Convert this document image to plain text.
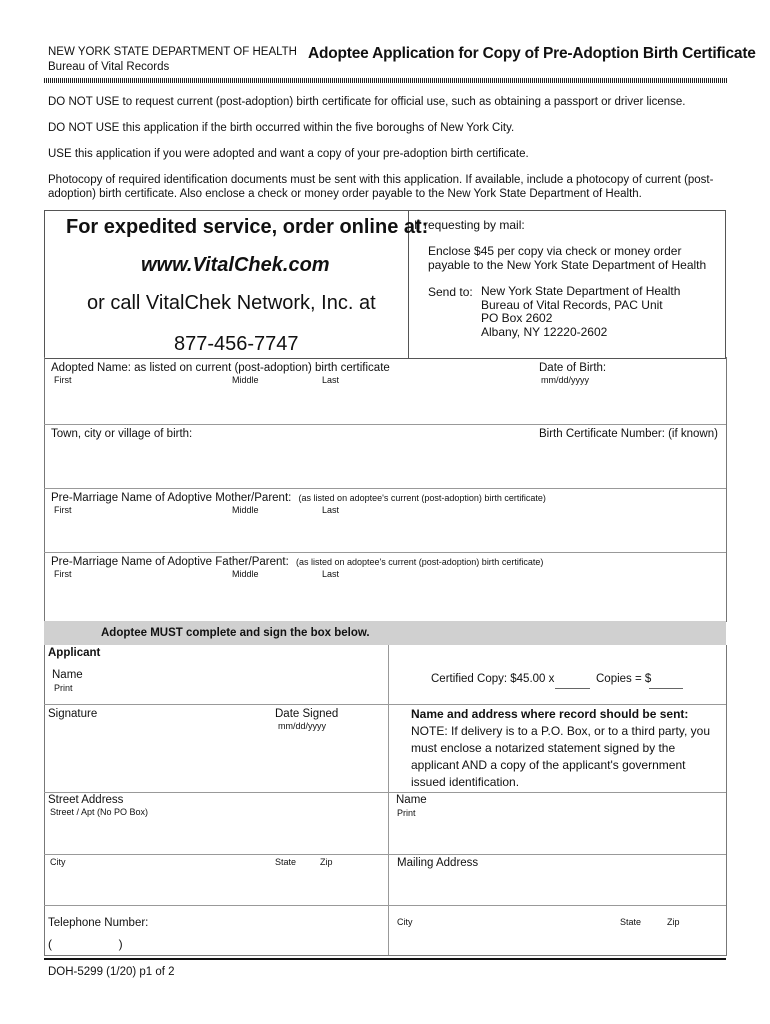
NEW YORK STATE DEPARTMENT OF HEALTH
Bureau of Vital Records
Adoptee Application for Copy of Pre-Adoption Birth Certificate
DO NOT USE to request current (post-adoption) birth certificate for official use, such as obtaining a passport or driver license.
DO NOT USE this application if the birth occurred within the five boroughs of New York City.
USE this application if you were adopted and want a copy of your pre-adoption birth certificate.
Photocopy of required identification documents must be sent with this application. If available, include a photocopy of current (post-adoption) birth certificate. Also enclose a check or money order payable to the New York State Department of Health.
For expedited service, order online at:
www.VitalChek.com
or call VitalChek Network, Inc. at
877-456-7747
If requesting by mail:
Enclose $45 per copy via check or money order payable to the New York State Department of Health
Send to: New York State Department of Health
Bureau of Vital Records, PAC Unit
PO Box 2602
Albany, NY 12220-2602
Adopted Name: as listed on current (post-adoption) birth certificate
First	Middle	Last
Date of Birth:
mm/dd/yyyy
Town, city or village of birth:	Birth Certificate Number: (if known)
Pre-Marriage Name of Adoptive Mother/Parent: (as listed on adoptee's current (post-adoption) birth certificate)
First	Middle	Last
Pre-Marriage Name of Adoptive Father/Parent: (as listed on adoptee's current (post-adoption) birth certificate)
First	Middle	Last
Adoptee MUST complete and sign the box below.
Applicant
Name
Print
Certified Copy: $45.00 x	Copies = $
Signature	Date Signed
mm/dd/yyyy
Name and address where record should be sent:
NOTE: If delivery is to a P.O. Box, or to a third party, you must enclose a notarized statement signed by the applicant AND a copy of the applicant's government issued identification.
Street Address
Street / Apt (No PO Box)
Name
Print
City	State	Zip	Mailing Address
Telephone Number:
(                    )
City	State	Zip
DOH-5299 (1/20) p1 of 2
